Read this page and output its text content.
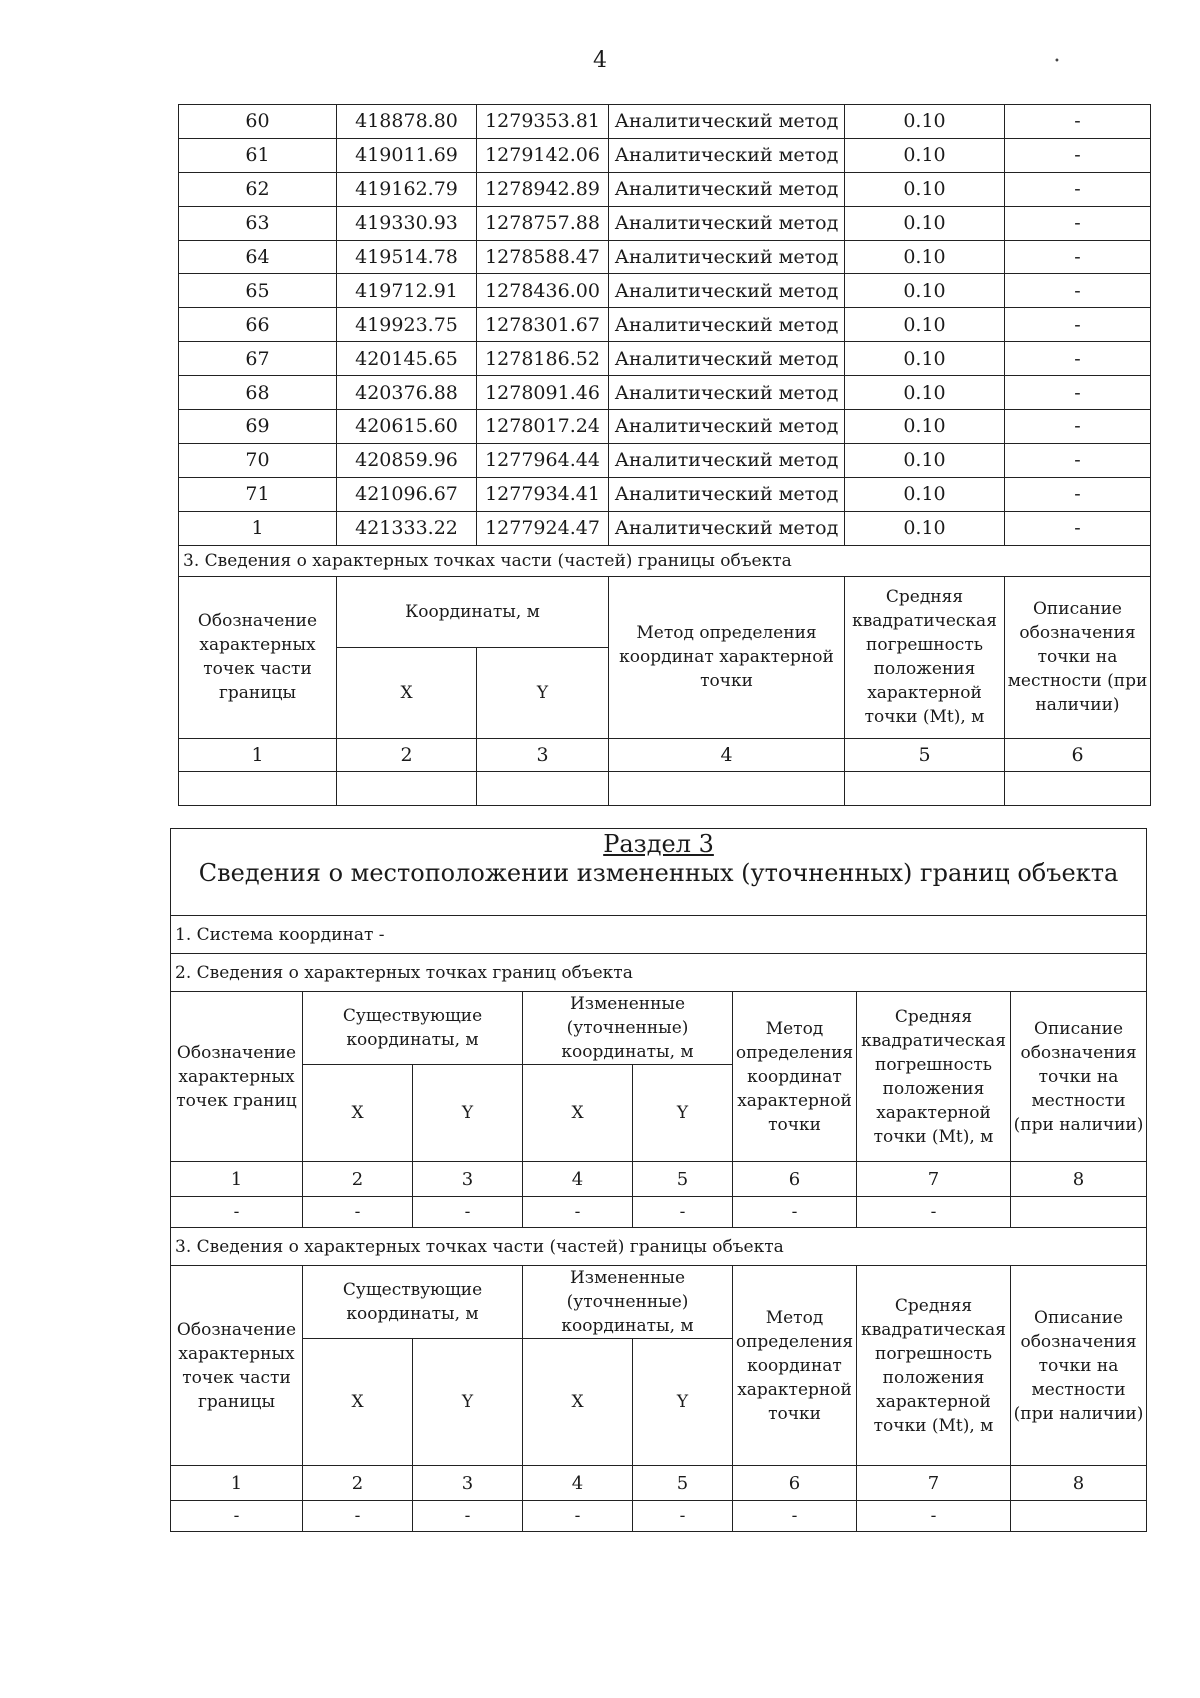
4	•
60	418878.80	1279353.81	Аналитический метод	0.10	-
61	419011.69	1279142.06	Аналитический метод	0.10	-
62	419162.79	1278942.89	Аналитический метод	0.10	-
63	419330.93	1278757.88	Аналитический метод	0.10	-
64	419514.78	1278588.47	Аналитический метод	0.10	-
65	419712.91	1278436.00	Аналитический метод	0.10	-
66	419923.75	1278301.67	Аналитический метод	0.10	-
67	420145.65	1278186.52	Аналитический метод	0.10	-
68	420376.88	1278091.46	Аналитический метод	0.10	-
69	420615.60	1278017.24	Аналитический метод	0.10	-
70	420859.96	1277964.44	Аналитический метод	0.10	-
71	421096.67	1277934.41	Аналитический метод	0.10	-
1	421333.22	1277924.47	Аналитический метод	0.10	-
3. Сведения о характерных точках части (частей) границы объекта					
Обозначение характерных точек части границы	Координаты, м		Метод определения координат характерной точки	Средняя квадратическая погрешность положения характерной точки (Mt), м	Описание обозначения точки на местности (при наличии)
	X	Y			
1	2	3	4	5	6

Раздел 3							
Сведения о местоположении измененных (уточненных) границ объекта							
1. Система координат -							
2. Сведения о характерных точках границ объекта							
Обозначение характерных точек границ	Существующие координаты, м		Измененные (уточненные) координаты, м		Метод определения координат характерной точки	Средняя квадратическая погрешность положения характерной точки (Mt), м	Описание обозначения точки на местности (при наличии)
	X	Y	X	Y			
1	2	3	4	5	6	7	8
-	-	-	-	-	-	-	
3. Сведения о характерных точках части (частей) границы объекта							
Обозначение характерных точек части границы	Существующие координаты, м		Измененные (уточненные) координаты, м		Метод определения координат характерной точки	Средняя квадратическая погрешность положения характерной точки (Mt), м	Описание обозначения точки на местности (при наличии)
	X	Y	X	Y			
1	2	3	4	5	6	7	8
-	-	-	-	-	-	-	
